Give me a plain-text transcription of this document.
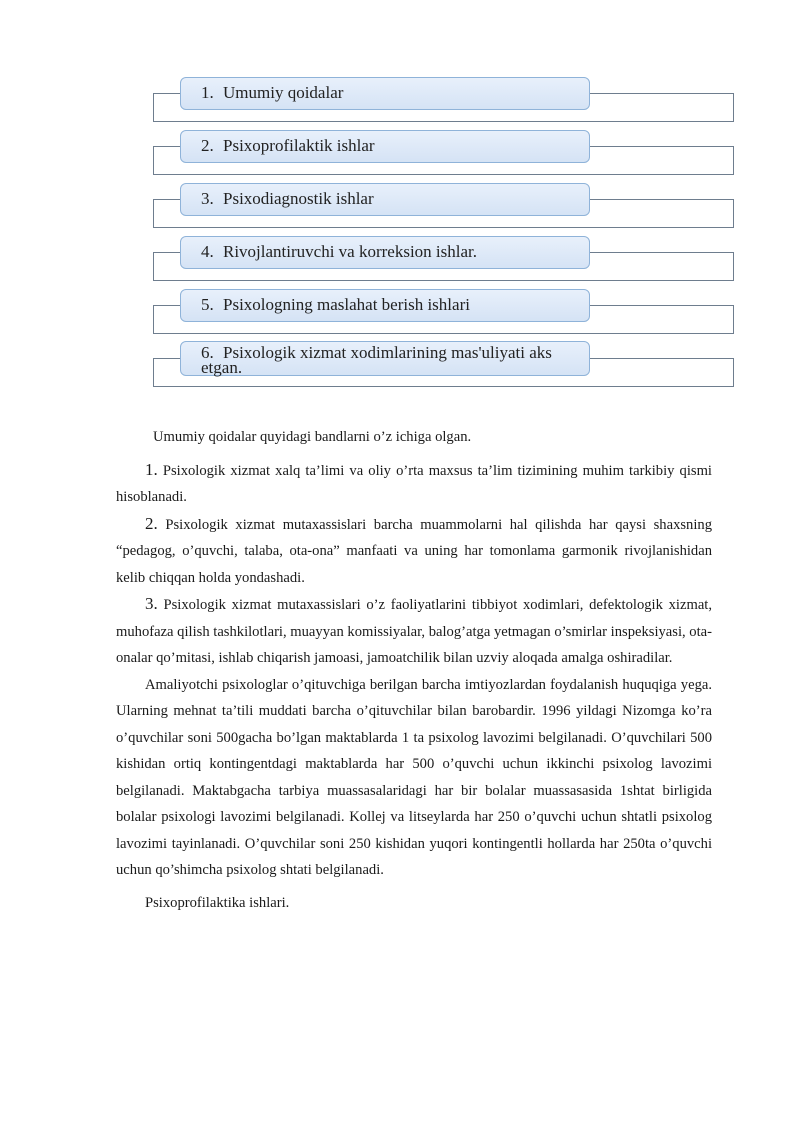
1. Umumiy qoidalar
2. Psixoprofilaktik ishlar
3. Psixodiagnostik ishlar
4. Rivojlantiruvchi va korreksion ishlar.
5. Psixologning maslahat berish ishlari
6. Psixologik xizmat xodimlarining mas'uliyati aks etgan.

Umumiy qoidalar quyidagi bandlarni o’z ichiga olgan.

1. Psixologik xizmat xalq ta’limi va oliy o’rta maxsus ta’lim tizimining muhim tarkibiy qismi hisoblanadi.

2. Psixologik xizmat mutaxassislari barcha muammolarni hal qilishda har qaysi shaxsning “pedagog, o’quvchi, talaba, ota-ona” manfaati va uning har tomonlama garmonik rivojlanishidan kelib chiqqan holda yondashadi.

3. Psixologik xizmat mutaxassislari o’z faoliyatlarini tibbiyot xodimlari, defektologik xizmat, muhofaza qilish tashkilotlari, muayyan komissiyalar, balog’atga yetmagan o’smirlar inspeksiyasi, ota-onalar qo’mitasi, ishlab chiqarish jamoasi, jamoatchilik bilan uzviy aloqada amalga oshiradilar.

Amaliyotchi psixologlar o’qituvchiga berilgan barcha imtiyozlardan foydalanish huquqiga yega. Ularning mehnat ta’tili muddati barcha o’qituvchilar bilan barobardir. 1996 yildagi Nizomga ko’ra o’quvchilar soni 500gacha bo’lgan maktablarda 1 ta psixolog lavozimi belgilanadi. O’quvchilari 500 kishidan ortiq kontingentdagi maktablarda har 500 o’quvchi uchun ikkinchi psixolog lavozimi belgilanadi. Maktabgacha tarbiya muassasalaridagi har bir bolalar muassasasida 1shtat birligida bolalar psixologi lavozimi belgilanadi. Kollej va litseylarda har 250 o’quvchi uchun shtatli psixolog lavozimi tayinlanadi. O’quvchilar soni 250 kishidan yuqori kontingentli hollarda har 250ta o’quvchi uchun qo’shimcha psixolog shtati belgilanadi.

Psixoprofilaktika ishlari.
